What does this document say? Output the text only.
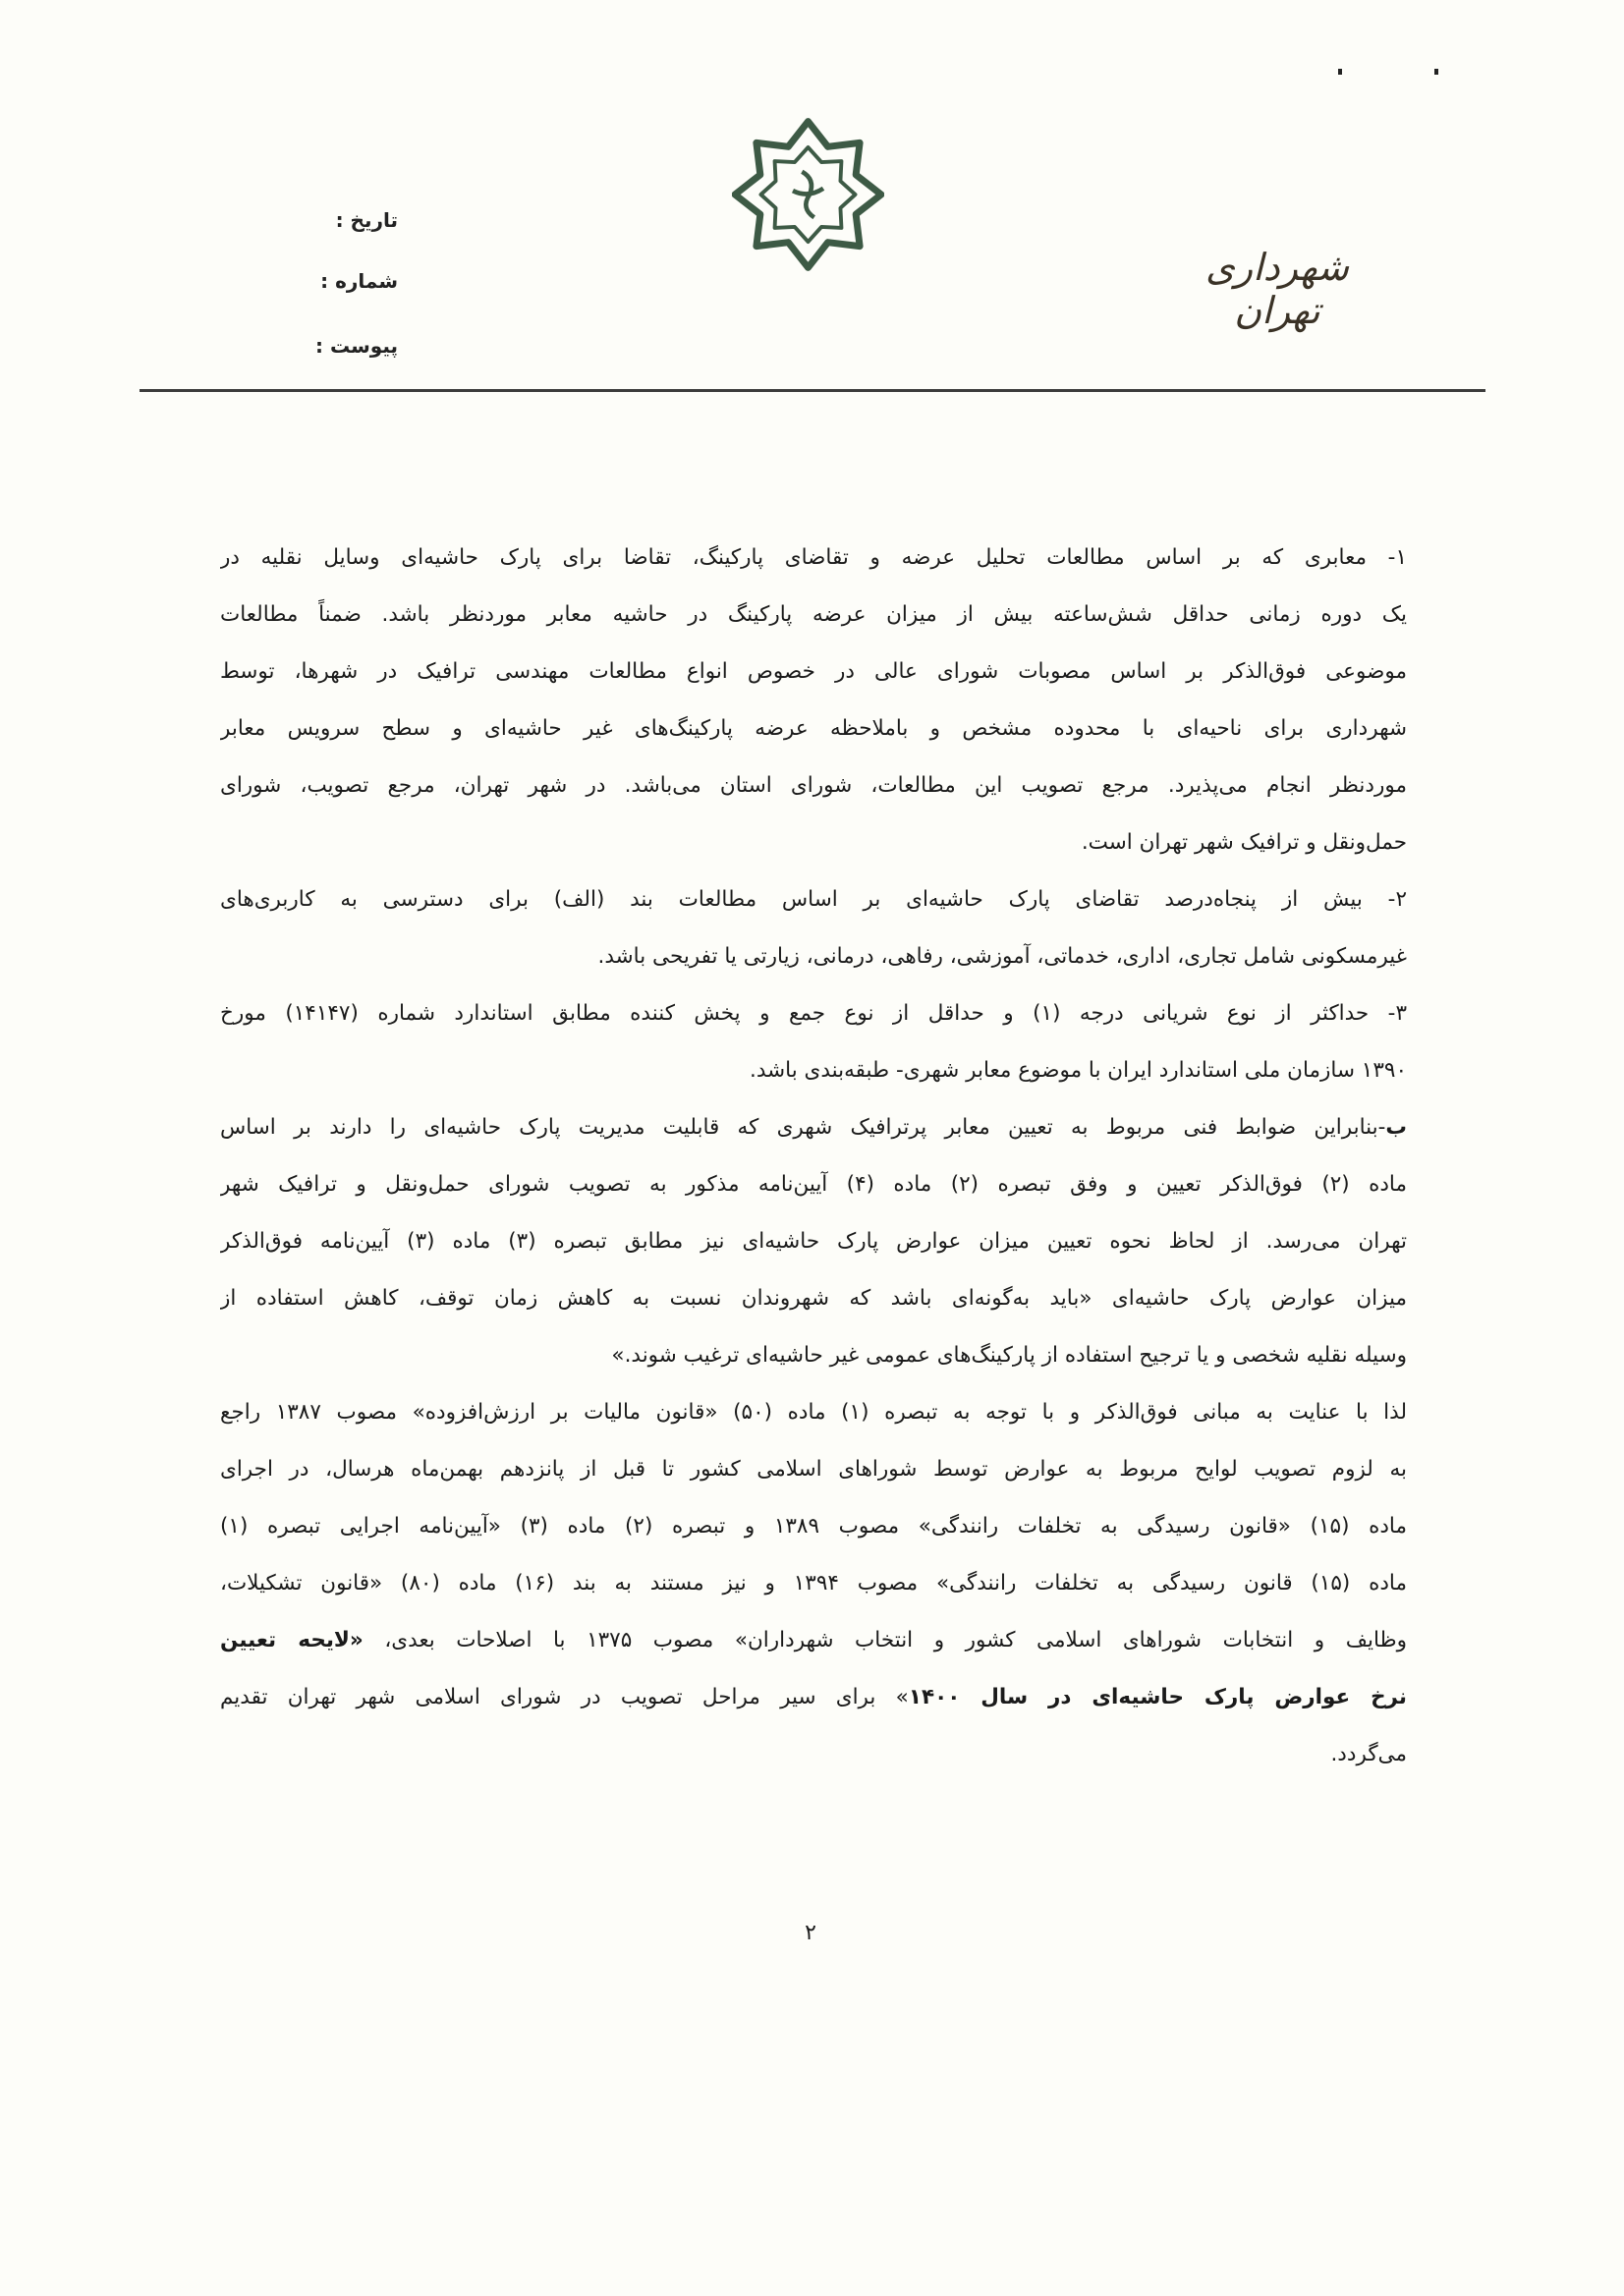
تاریخ :
شماره :
پیوست :
شهرداری تهران
۱- معابری که بر اساس مطالعات تحلیل عرضه و تقاضای پارکینگ، تقاضا برای پارک حاشیه‌ای وسایل نقلیه در
یک دوره زمانی حداقل شش‌ساعته بیش از میزان عرضه پارکینگ در حاشیه معابر موردنظر باشد. ضمناً مطالعات
موضوعی فوق‌الذکر بر اساس مصوبات شورای عالی در خصوص انواع مطالعات مهندسی ترافیک در شهرها، توسط
شهرداری برای ناحیه‌ای با محدوده مشخص و باملاحظه عرضه پارکینگ‌های غیر حاشیه‌ای و سطح سرویس معابر
موردنظر انجام می‌پذیرد. مرجع تصویب این مطالعات، شورای استان می‌باشد. در شهر تهران، مرجع تصویب، شورای
حمل‌ونقل و ترافیک شهر تهران است.
۲- بیش از پنجاه‌درصد تقاضای پارک حاشیه‌ای بر اساس مطالعات بند (الف) برای دسترسی به کاربری‌های
غیرمسکونی شامل تجاری، اداری، خدماتی، آموزشی، رفاهی، درمانی، زیارتی یا تفریحی باشد.
۳- حداکثر از نوع شریانی درجه (۱) و حداقل از نوع جمع و پخش کننده مطابق استاندارد شماره (۱۴۱۴۷) مورخ
۱۳۹۰ سازمان ملی استاندارد ایران با موضوع معابر شهری- طبقه‌بندی باشد.
ب-بنابراین ضوابط فنی مربوط به تعیین معابر پرترافیک شهری که قابلیت مدیریت پارک حاشیه‌ای را دارند بر اساس
ماده (۲) فوق‌الذکر تعیین و وفق تبصره (۲) ماده (۴) آیین‌نامه مذکور به تصویب شورای حمل‌ونقل و ترافیک شهر
تهران می‌رسد. از لحاظ نحوه تعیین میزان عوارض پارک حاشیه‌ای نیز مطابق تبصره (۳) ماده (۳) آیین‌نامه فوق‌الذکر
میزان عوارض پارک حاشیه‌ای «باید به‌گونه‌ای باشد که شهروندان نسبت به کاهش زمان توقف، کاهش استفاده از
وسیله نقلیه شخصی و یا ترجیح استفاده از پارکینگ‌های عمومی غیر حاشیه‌ای ترغیب شوند.»
لذا با عنایت به مبانی فوق‌الذکر و با توجه به تبصره (۱) ماده (۵۰) «قانون مالیات بر ارزش‌افزوده» مصوب ۱۳۸۷ راجع
به لزوم تصویب لوایح مربوط به عوارض توسط شوراهای اسلامی کشور تا قبل از پانزدهم بهمن‌ماه هرسال، در اجرای
ماده (۱۵) «قانون رسیدگی به تخلفات رانندگی» مصوب ۱۳۸۹ و تبصره (۲) ماده (۳) «آیین‌نامه اجرایی تبصره (۱)
ماده (۱۵) قانون رسیدگی به تخلفات رانندگی» مصوب ۱۳۹۴ و نیز مستند به بند (۱۶) ماده (۸۰) «قانون تشکیلات،
وظایف و انتخابات شوراهای اسلامی کشور و انتخاب شهرداران» مصوب ۱۳۷۵ با اصلاحات بعدی، «لایحه تعیین
نرخ عوارض پارک حاشیه‌ای در سال ۱۴۰۰» برای سیر مراحل تصویب در شورای اسلامی شهر تهران تقدیم
می‌گردد.
۲
